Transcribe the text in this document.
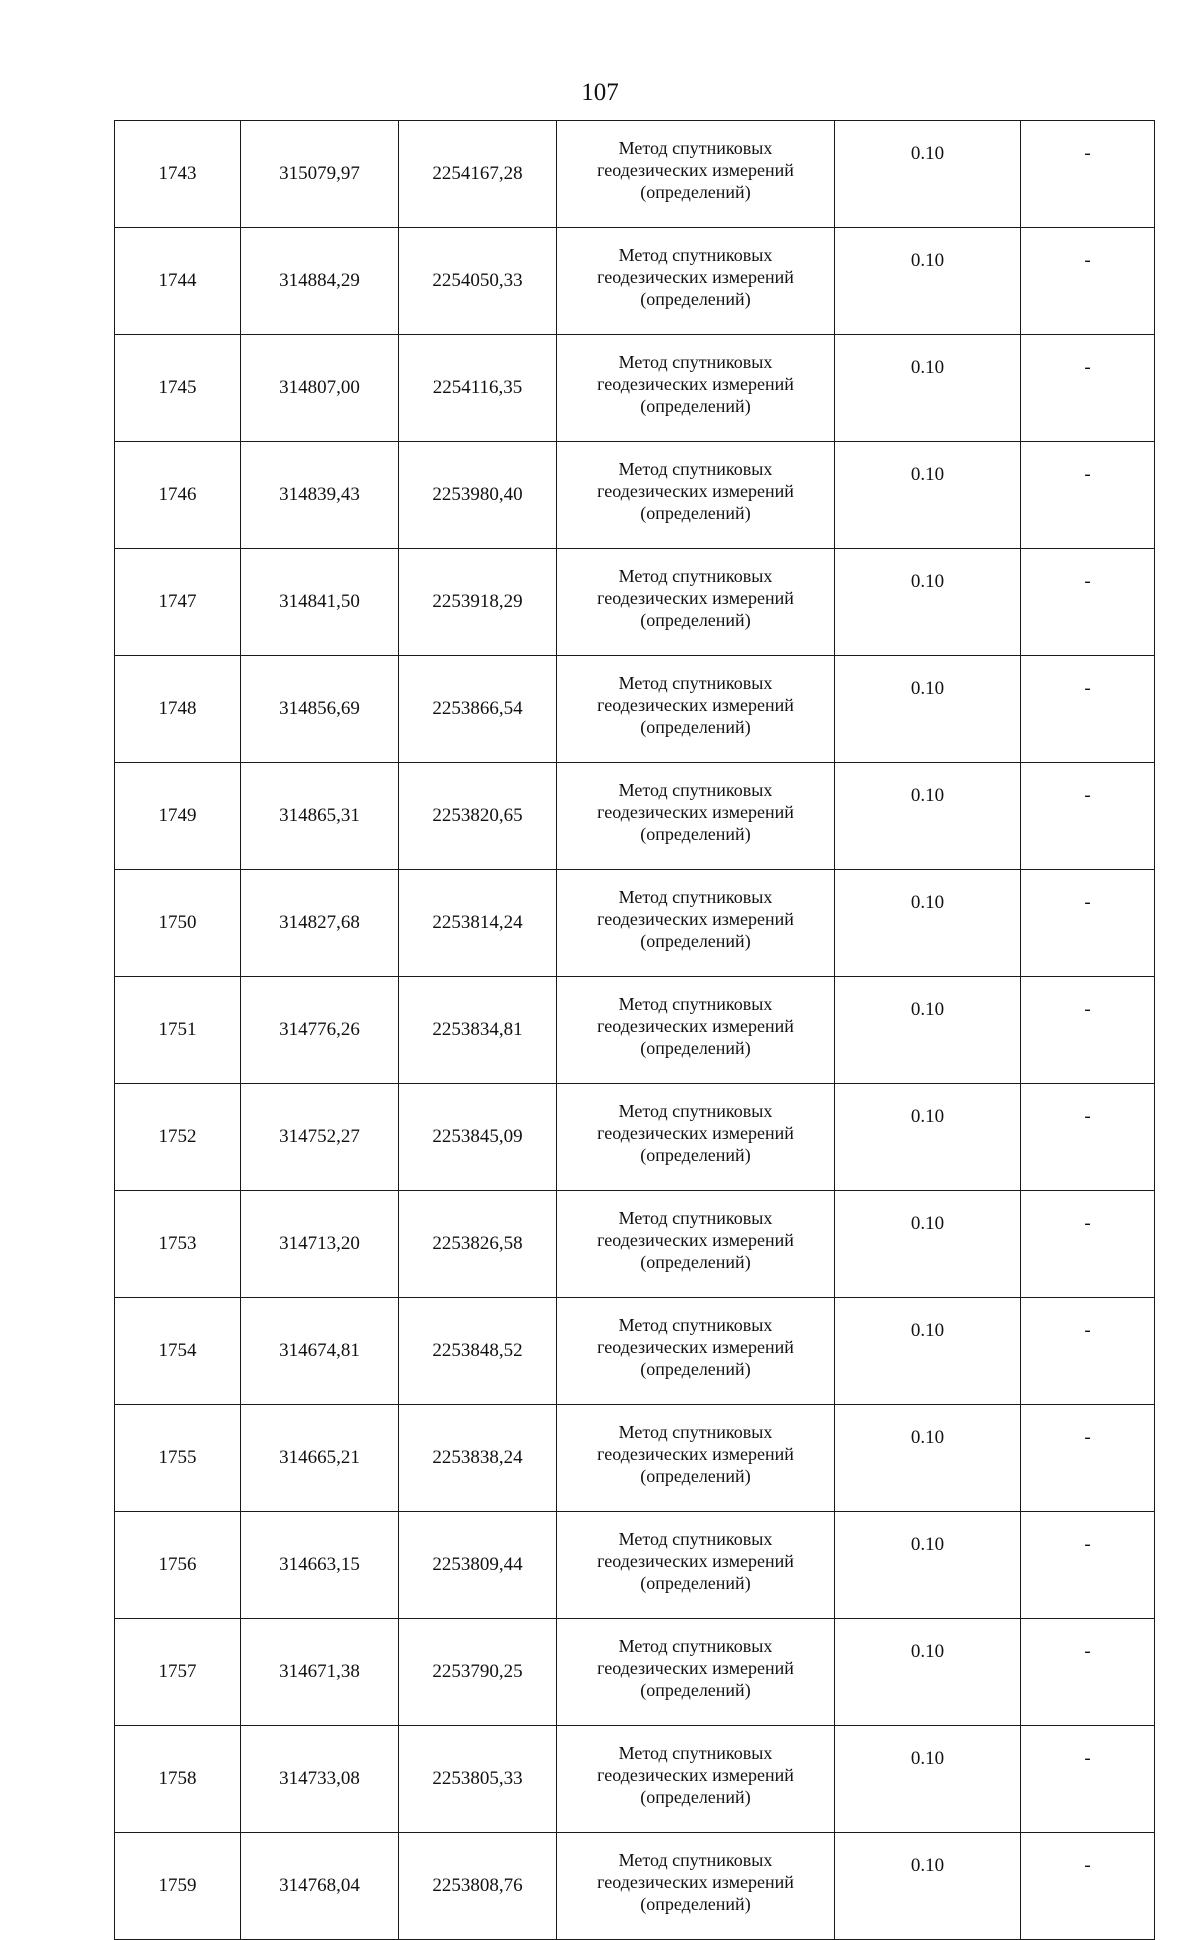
107
1743	315079,97	2254167,28	Метод спутниковых
геодезических измерений
(определений)	0.10	-
1744	314884,29	2254050,33	Метод спутниковых
геодезических измерений
(определений)	0.10	-
1745	314807,00	2254116,35	Метод спутниковых
геодезических измерений
(определений)	0.10	-
1746	314839,43	2253980,40	Метод спутниковых
геодезических измерений
(определений)	0.10	-
1747	314841,50	2253918,29	Метод спутниковых
геодезических измерений
(определений)	0.10	-
1748	314856,69	2253866,54	Метод спутниковых
геодезических измерений
(определений)	0.10	-
1749	314865,31	2253820,65	Метод спутниковых
геодезических измерений
(определений)	0.10	-
1750	314827,68	2253814,24	Метод спутниковых
геодезических измерений
(определений)	0.10	-
1751	314776,26	2253834,81	Метод спутниковых
геодезических измерений
(определений)	0.10	-
1752	314752,27	2253845,09	Метод спутниковых
геодезических измерений
(определений)	0.10	-
1753	314713,20	2253826,58	Метод спутниковых
геодезических измерений
(определений)	0.10	-
1754	314674,81	2253848,52	Метод спутниковых
геодезических измерений
(определений)	0.10	-
1755	314665,21	2253838,24	Метод спутниковых
геодезических измерений
(определений)	0.10	-
1756	314663,15	2253809,44	Метод спутниковых
геодезических измерений
(определений)	0.10	-
1757	314671,38	2253790,25	Метод спутниковых
геодезических измерений
(определений)	0.10	-
1758	314733,08	2253805,33	Метод спутниковых
геодезических измерений
(определений)	0.10	-
1759	314768,04	2253808,76	Метод спутниковых
геодезических измерений
(определений)	0.10	-
